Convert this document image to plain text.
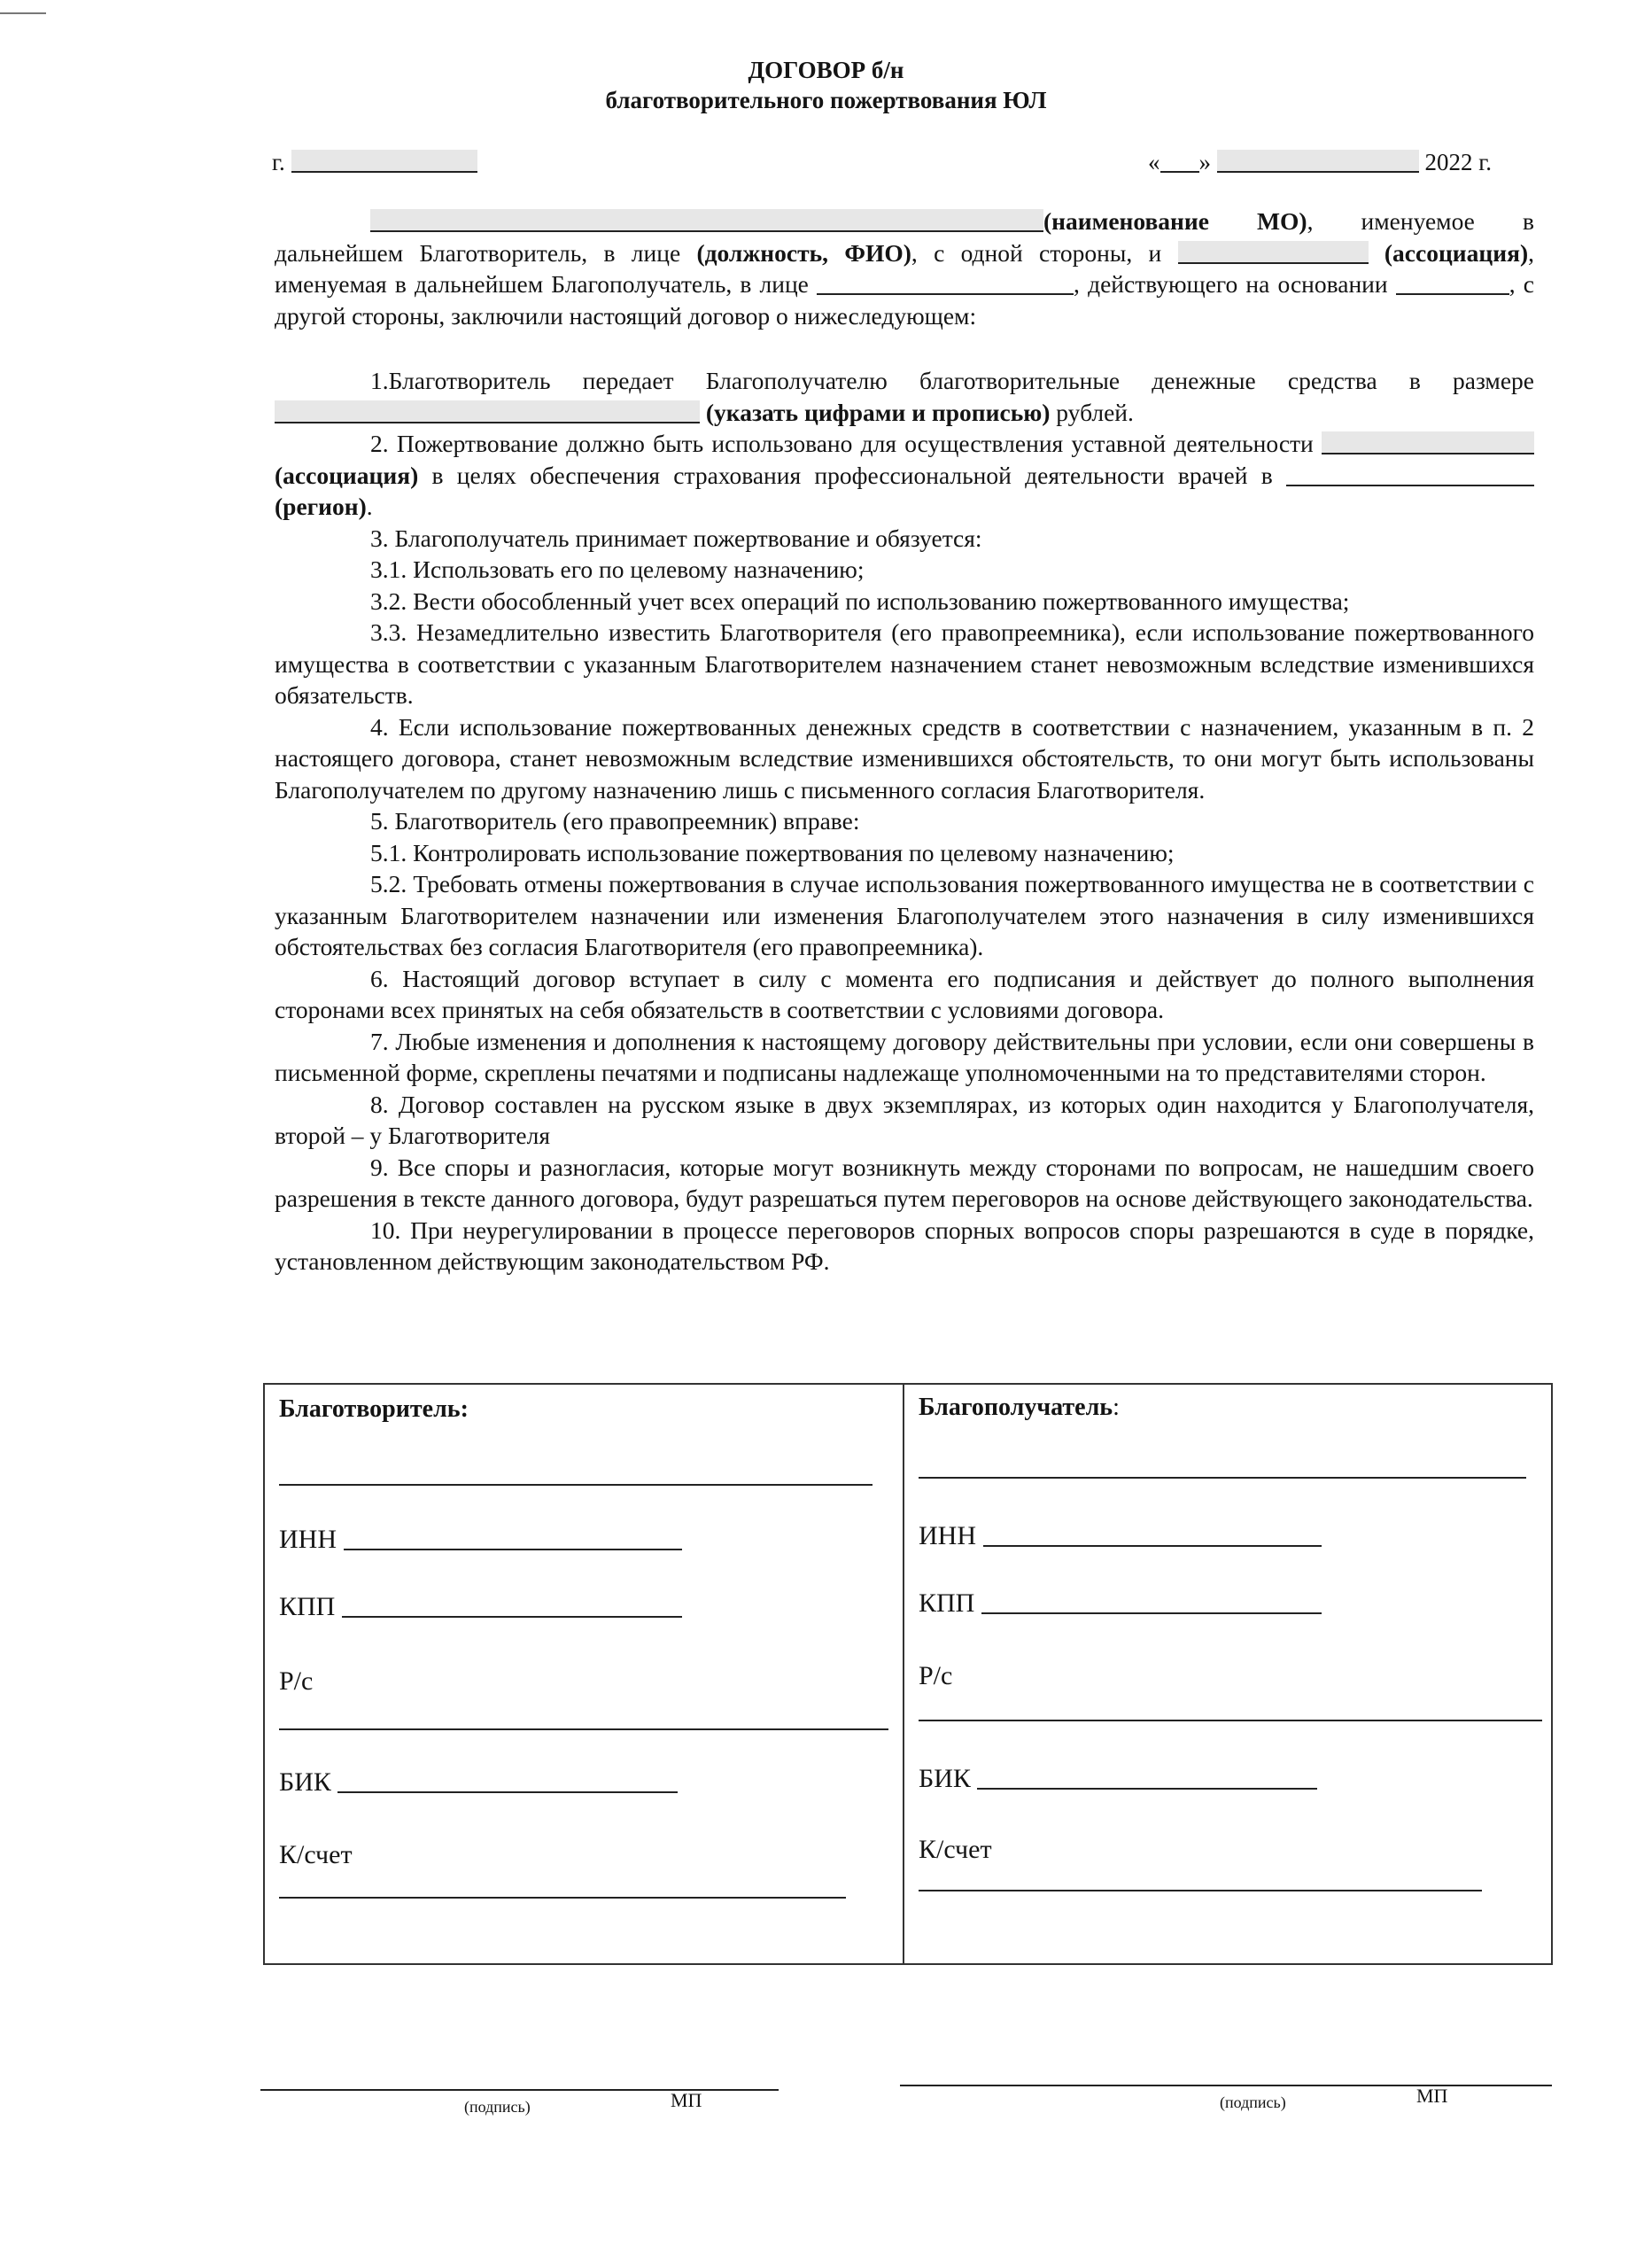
ДОГОВОР б/н
благотворительного пожертвования ЮЛ
г.	« »	2022 г.

(наименование МО), именуемое в дальнейшем Благотворитель, в лице (должность, ФИО), с одной стороны, и	(ассоциация), именуемая в дальнейшем Благополучатель, в лице	, действующего на основании	, с другой стороны, заключили настоящий договор о нижеследующем:

1.Благотворитель передает Благополучателю благотворительные денежные средства в размере  (указать цифрами и прописью) рублей.

2. Пожертвование должно быть использовано для осуществления уставной деятельности (ассоциация) в целях обеспечения страхования профессиональной деятельности врачей в (регион).

3. Благополучатель принимает пожертвование и обязуется:

3.1. Использовать его по целевому назначению;

3.2. Вести обособленный учет всех операций по использованию пожертвованного имущества;

3.3. Незамедлительно известить Благотворителя (его правопреемника), если использование пожертвованного имущества в соответствии с указанным Благотворителем назначением станет невозможным вследствие изменившихся обязательств.

4. Если использование пожертвованных денежных средств в соответствии с назначением, указанным в п. 2 настоящего договора, станет невозможным вследствие изменившихся обстоятельств, то они могут быть использованы Благополучателем по другому назначению лишь с письменного согласия Благотворителя.

5. Благотворитель (его правопреемник) вправе:

5.1. Контролировать использование пожертвования по целевому назначению;

5.2. Требовать отмены пожертвования в случае использования пожертвованного имущества не в соответствии с указанным Благотворителем назначении или изменения Благополучателем этого назначения в силу изменившихся обстоятельствах без согласия Благотворителя (его правопреемника).

6. Настоящий договор вступает в силу с момента его подписания и действует до полного выполнения сторонами всех принятых на себя обязательств в соответствии с условиями договора.

7. Любые изменения и дополнения к настоящему договору действительны при условии, если они совершены в письменной форме, скреплены печатями и подписаны надлежаще уполномоченными на то представителями сторон.

8. Договор составлен на русском языке в двух экземплярах, из которых один находится у Благополучателя, второй – у Благотворителя

9. Все споры и разногласия, которые могут возникнуть между сторонами по вопросам, не нашедшим своего разрешения в тексте данного договора, будут разрешаться путем переговоров на основе действующего законодательства.

10. При неурегулировании в процессе переговоров спорных вопросов споры разрешаются в суде в порядке, установленном действующим законодательством РФ.

Благотворитель:
ИНН
КПП
Р/с
БИК
К/счет
Благополучатель:
ИНН
КПП
Р/с
БИК
К/счет
(подпись)	МП	(подпись)	МП
